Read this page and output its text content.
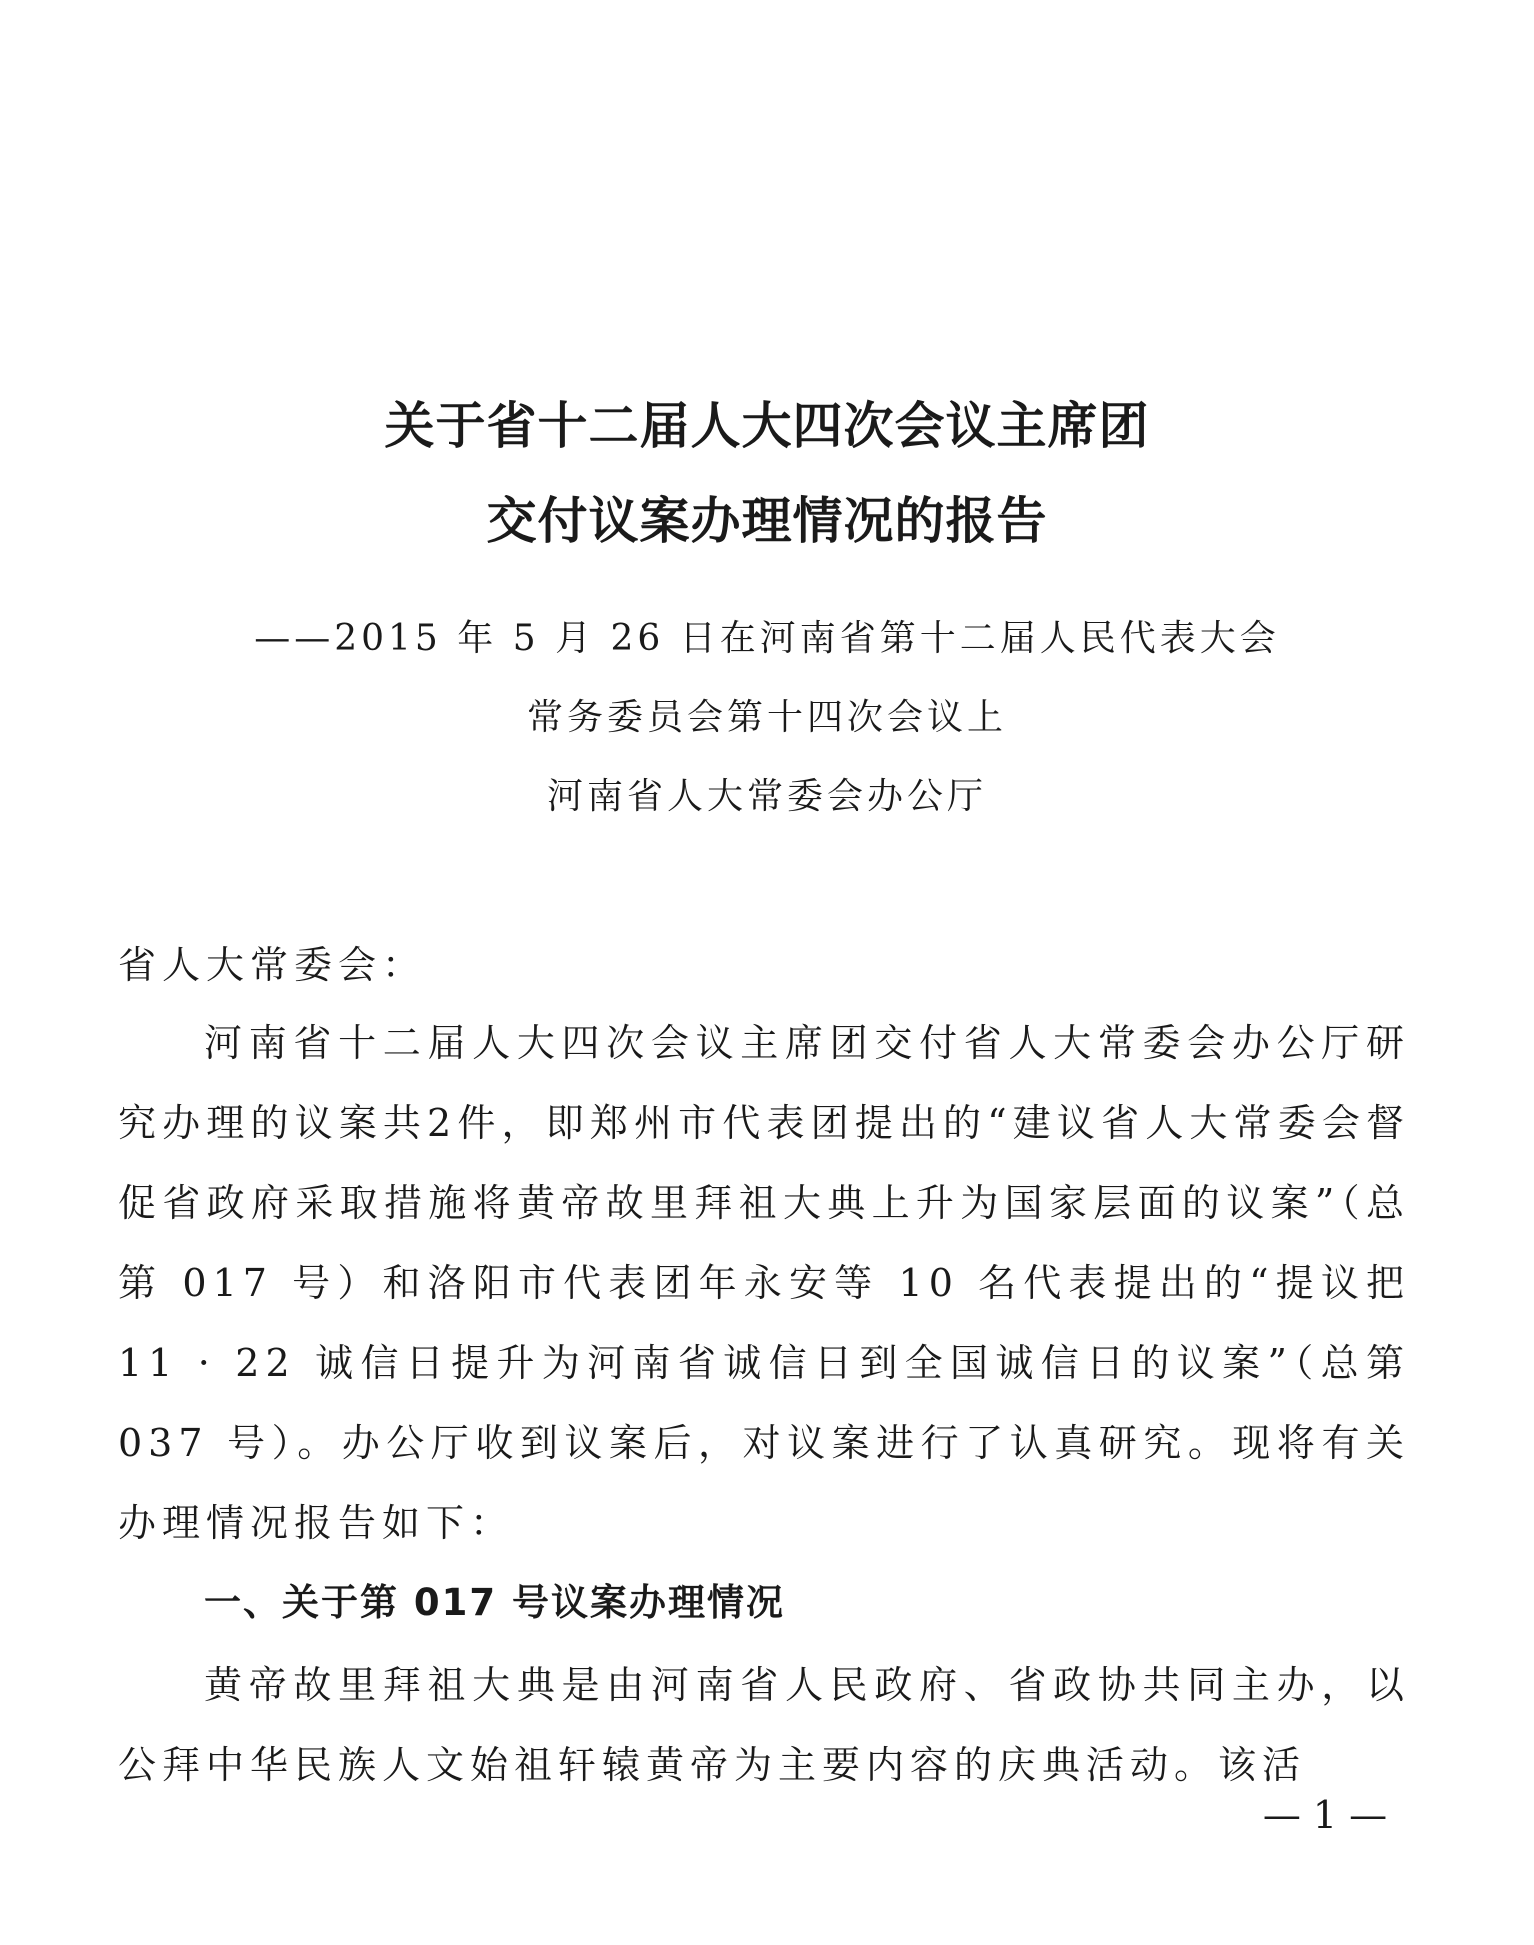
关于省十二届人大四次会议主席团
交付议案办理情况的报告
——2015 年 5 月 26 日在河南省第十二届人民代表大会
常务委员会第十四次会议上
河南省人大常委会办公厅
省人大常委会：
河南省十二届人大四次会议主席团交付省人大常委会办公厅研究办理的议案共2件，即郑州市代表团提出的“建议省人大常委会督促省政府采取措施将黄帝故里拜祖大典上升为国家层面的议案”（总第 017 号）和洛阳市代表团年永安等 10 名代表提出的“提议把 11 · 22 诚信日提升为河南省诚信日到全国诚信日的议案”（总第 037 号）。办公厅收到议案后，对议案进行了认真研究。现将有关办理情况报告如下：
一、关于第 017 号议案办理情况
黄帝故里拜祖大典是由河南省人民政府、省政协共同主办，以公拜中华民族人文始祖轩辕黄帝为主要内容的庆典活动。该活
— 1 —
